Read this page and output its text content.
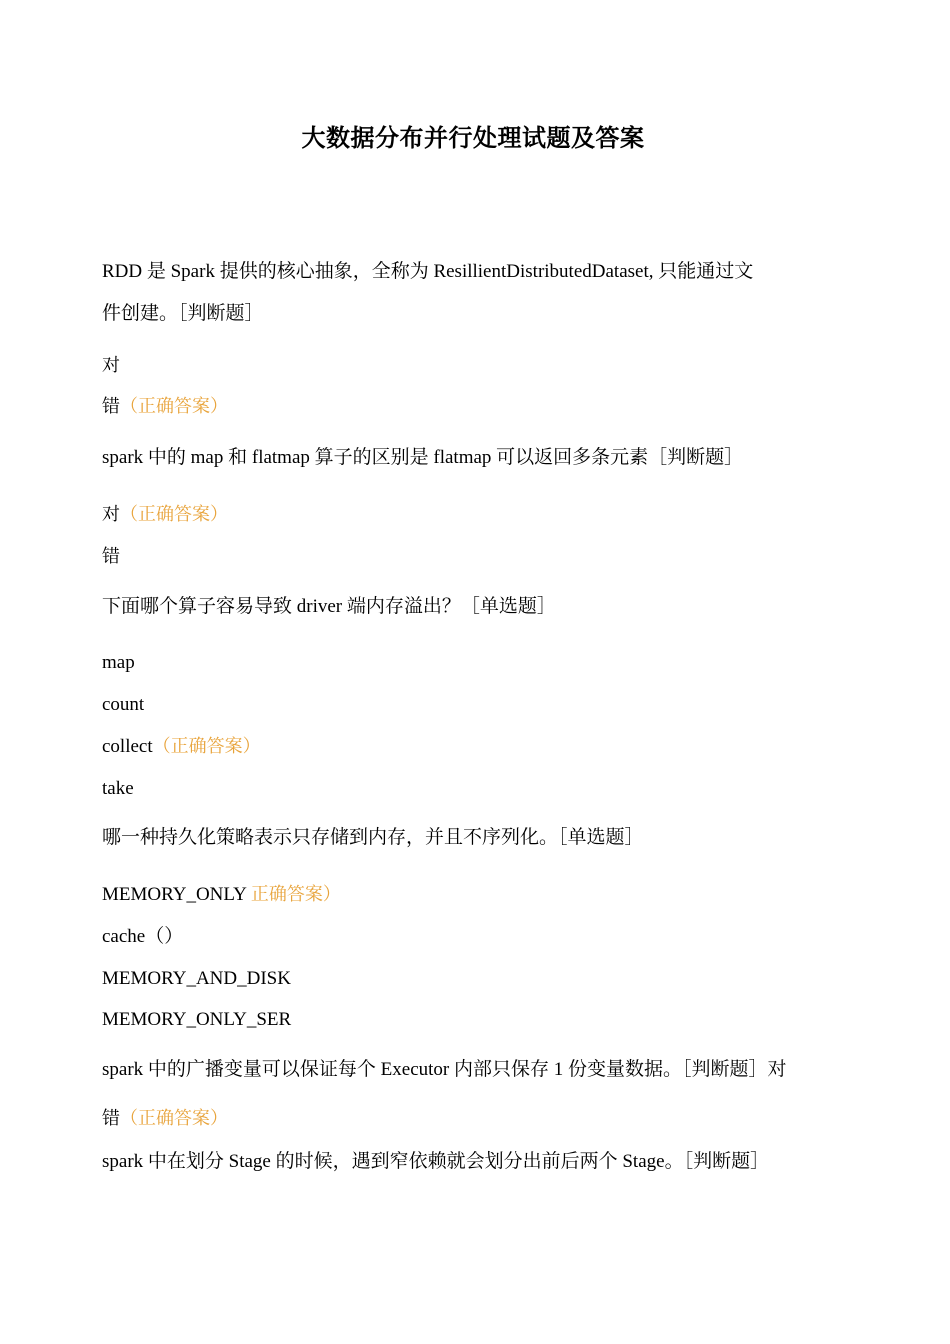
大数据分布并行处理试题及答案
RDD 是 Spark 提供的核心抽象，全称为 ResillientDistributedDataset, 只能通过文
件创建。［判断题］
对
错（正确答案）
spark 中的 map 和 flatmap 算子的区别是 flatmap 可以返回多条元素［判断题］
对（正确答案）
错
下面哪个算子容易导致 driver 端内存溢出？［单选题］
map
count
collect（正确答案）
take
哪一种持久化策略表示只存储到内存，并且不序列化。［单选题］
MEMORY_ONLY 正确答案）
cache（）
MEMORY_AND_DISK
MEMORY_ONLY_SER
spark 中的广播变量可以保证每个 Executor 内部只保存 1 份变量数据。［判断题］对
错（正确答案）
spark 中在划分 Stage 的时候，遇到窄依赖就会划分出前后两个 Stage。［判断题］
